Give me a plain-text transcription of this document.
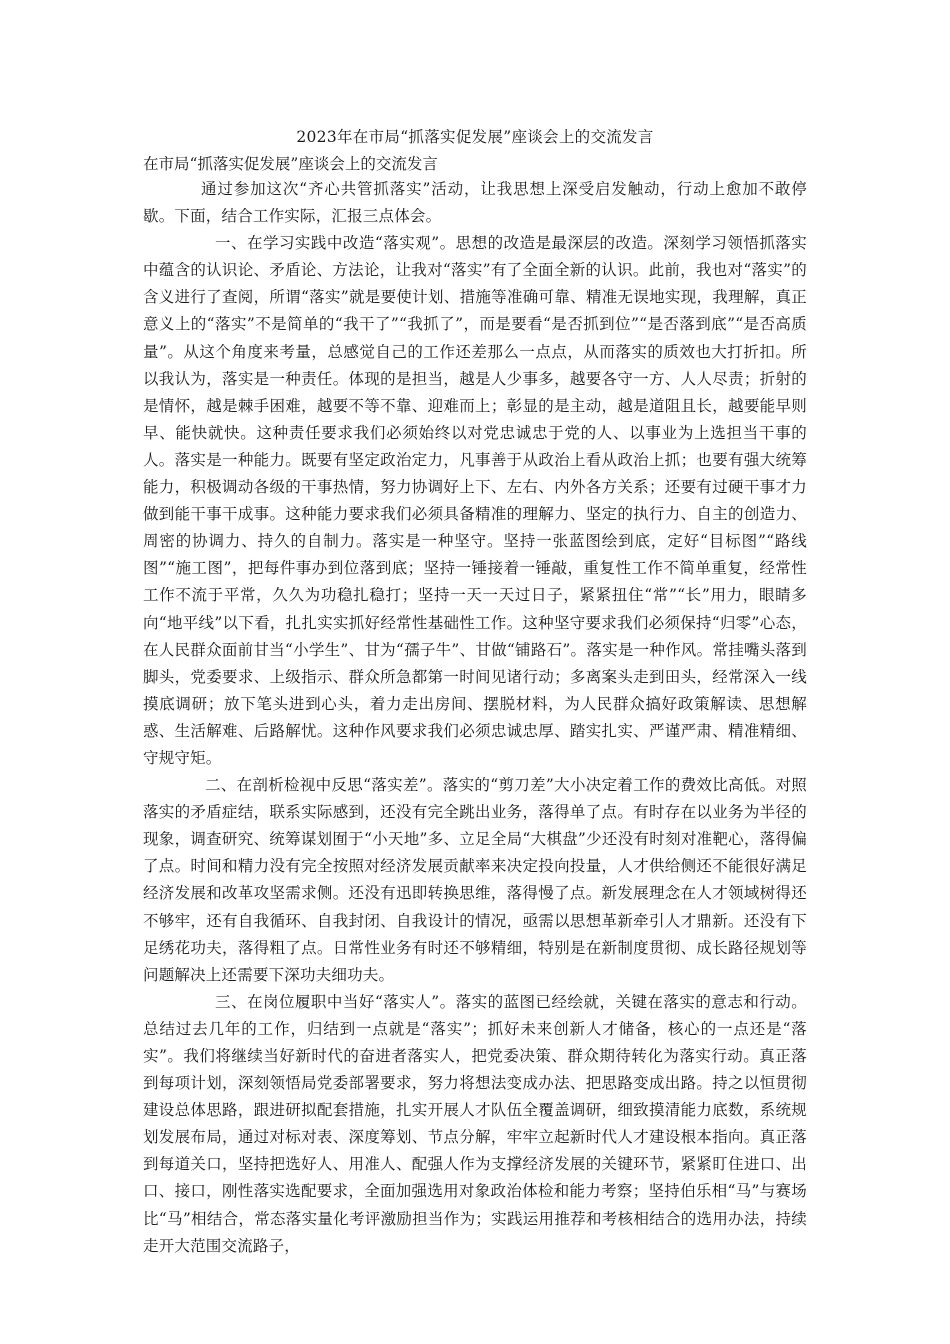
2023年在市局“抓落实促发展”座谈会上的交流发言
在市局“抓落实促发展”座谈会上的交流发言

通过参加这次“齐心共管抓落实”活动，让我思想上深受启发触动，行动上愈加不敢停歇。下面，结合工作实际，汇报三点体会。

一、在学习实践中改造“落实观”。思想的改造是最深层的改造。深刻学习领悟抓落实中蕴含的认识论、矛盾论、方法论，让我对“落实”有了全面全新的认识。此前，我也对“落实”的含义进行了查阅，所谓“落实”就是要使计划、措施等准确可靠、精准无误地实现，我理解，真正意义上的“落实”不是简单的“我干了”“我抓了”，而是要看“是否抓到位”“是否落到底”“是否高质量”。从这个角度来考量，总感觉自己的工作还差那么一点点，从而落实的质效也大打折扣。所以我认为，落实是一种责任。体现的是担当，越是人少事多，越要各守一方、人人尽责；折射的是情怀，越是棘手困难，越要不等不靠、迎难而上；彰显的是主动，越是道阻且长，越要能早则早、能快就快。这种责任要求我们必须始终以对党忠诚忠于党的人、以事业为上选担当干事的人。落实是一种能力。既要有坚定政治定力，凡事善于从政治上看从政治上抓；也要有强大统筹能力，积极调动各级的干事热情，努力协调好上下、左右、内外各方关系；还要有过硬干事才力做到能干事干成事。这种能力要求我们必须具备精准的理解力、坚定的执行力、自主的创造力、周密的协调力、持久的自制力。落实是一种坚守。坚持一张蓝图绘到底，定好“目标图”“路线图”“施工图”，把每件事办到位落到底；坚持一锤接着一锤敲，重复性工作不简单重复，经常性工作不流于平常，久久为功稳扎稳打；坚持一天一天过日子，紧紧扭住“常”“长”用力，眼睛多向“地平线”以下看，扎扎实实抓好经常性基础性工作。这种坚守要求我们必须保持“归零”心态，在人民群众面前甘当“小学生”、甘为“孺子牛”、甘做“铺路石”。落实是一种作风。常挂嘴头落到脚头，党委要求、上级指示、群众所急都第一时间见诸行动；多离案头走到田头，经常深入一线摸底调研；放下笔头进到心头，着力走出房间、摆脱材料，为人民群众搞好政策解读、思想解惑、生活解难、后路解忧。这种作风要求我们必须忠诚忠厚、踏实扎实、严谨严肃、精准精细、守规守矩。

二、在剖析检视中反思“落实差”。落实的“剪刀差”大小决定着工作的费效比高低。对照落实的矛盾症结，联系实际感到，还没有完全跳出业务，落得单了点。有时存在以业务为半径的现象，调查研究、统筹谋划囿于“小天地”多、立足全局“大棋盘”少还没有时刻对准靶心，落得偏了点。时间和精力没有完全按照对经济发展贡献率来决定投向投量，人才供给侧还不能很好满足经济发展和改革攻坚需求侧。还没有迅即转换思维，落得慢了点。新发展理念在人才领域树得还不够牢，还有自我循环、自我封闭、自我设计的情况，亟需以思想革新牵引人才鼎新。还没有下足绣花功夫，落得粗了点。日常性业务有时还不够精细，特别是在新制度贯彻、成长路径规划等问题解决上还需要下深功夫细功夫。

三、在岗位履职中当好“落实人”。落实的蓝图已经绘就，关键在落实的意志和行动。总结过去几年的工作，归结到一点就是“落实”；抓好未来创新人才储备，核心的一点还是“落实”。我们将继续当好新时代的奋进者落实人，把党委决策、群众期待转化为落实行动。真正落到每项计划，深刻领悟局党委部署要求，努力将想法变成办法、把思路变成出路。持之以恒贯彻建设总体思路，跟进研拟配套措施，扎实开展人才队伍全覆盖调研，细致摸清能力底数，系统规划发展布局，通过对标对表、深度筹划、节点分解，牢牢立起新时代人才建设根本指向。真正落到每道关口，坚持把选好人、用准人、配强人作为支撑经济发展的关键环节，紧紧盯住进口、出口、接口，刚性落实选配要求，全面加强选用对象政治体检和能力考察；坚持伯乐相“马”与赛场比“马”相结合，常态落实量化考评激励担当作为；实践运用推荐和考核相结合的选用办法，持续走开大范围交流路子，
